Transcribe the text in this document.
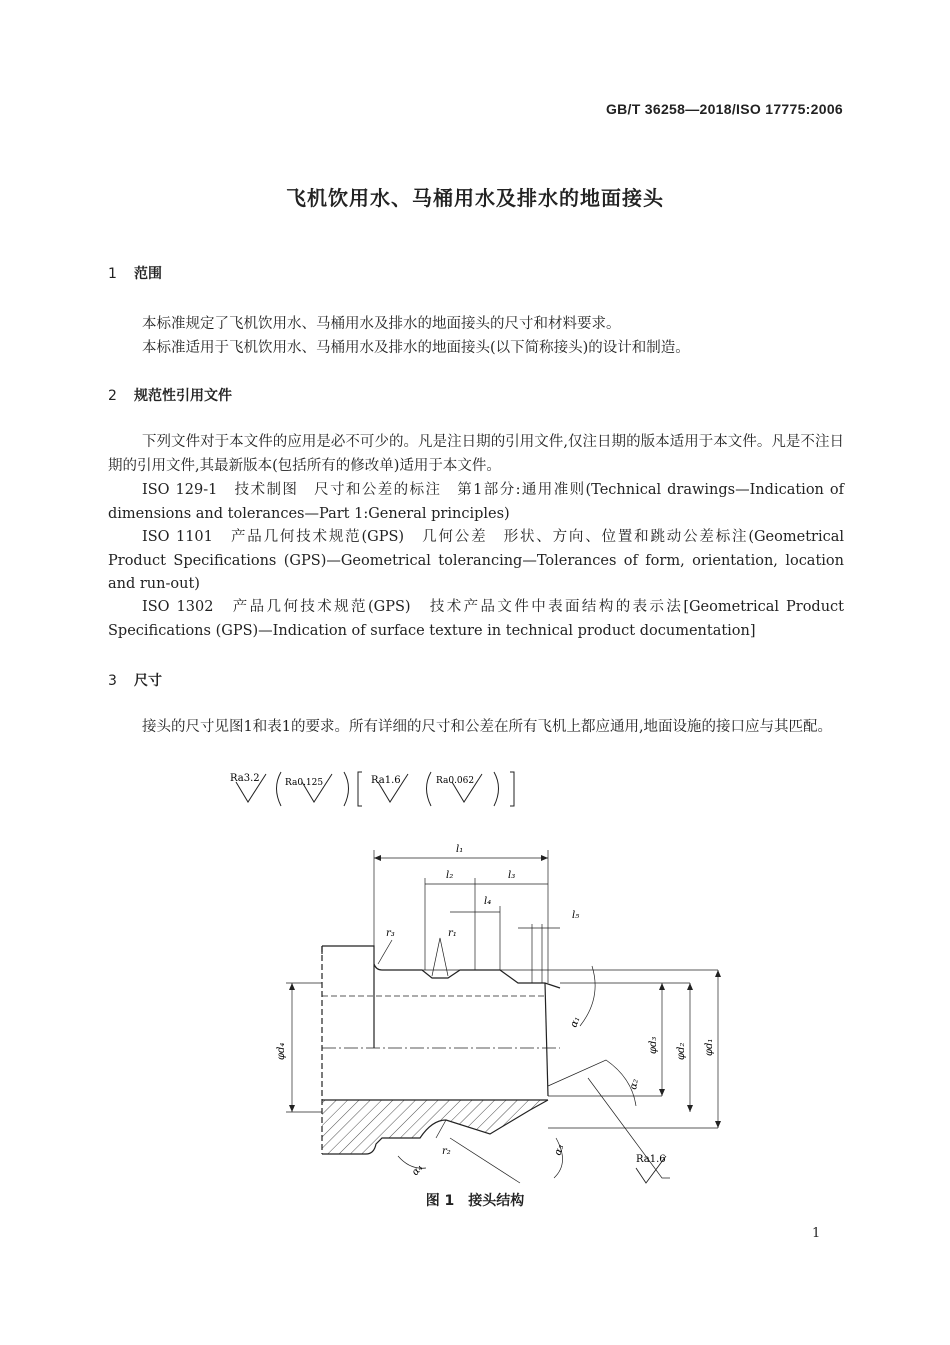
GB/T 36258—2018/ISO 17775:2006
飞机饮用水、马桶用水及排水的地面接头
1 范围

本标准规定了飞机饮用水、马桶用水及排水的地面接头的尺寸和材料要求。

本标准适用于飞机饮用水、马桶用水及排水的地面接头(以下简称接头)的设计和制造。

2 规范性引用文件

下列文件对于本文件的应用是必不可少的。凡是注日期的引用文件,仅注日期的版本适用于本文件。凡是不注日期的引用文件,其最新版本(包括所有的修改单)适用于本文件。

ISO 129-1　技术制图　尺寸和公差的标注　第1部分:通用准则(Technical drawings—Indication of dimensions and tolerances—Part 1:General principles)

ISO 1101　产品几何技术规范(GPS)　几何公差　形状、方向、位置和跳动公差标注(Geometrical Product Specifications (GPS)—Geometrical tolerancing—Tolerances of form, orientation, location and run-out)

ISO 1302　产品几何技术规范(GPS)　技术产品文件中表面结构的表示法[Geometrical Product Specifications (GPS)—Indication of surface texture in technical product documentation]

3 尺寸

接头的尺寸见图1和表1的要求。所有详细的尺寸和公差在所有飞机上都应通用,地面设施的接口应与其匹配。

Ra3.2	Ra0.125	Ra1.6	Ra0.062
l₁
l₂	l₃
l₄
l₅
r₁
r₂
r₃
φd₄	φd₃ φd₂ φd₁
α₁
α₂
α₃
α₄
Ra1.6
图 1　接头结构
1
